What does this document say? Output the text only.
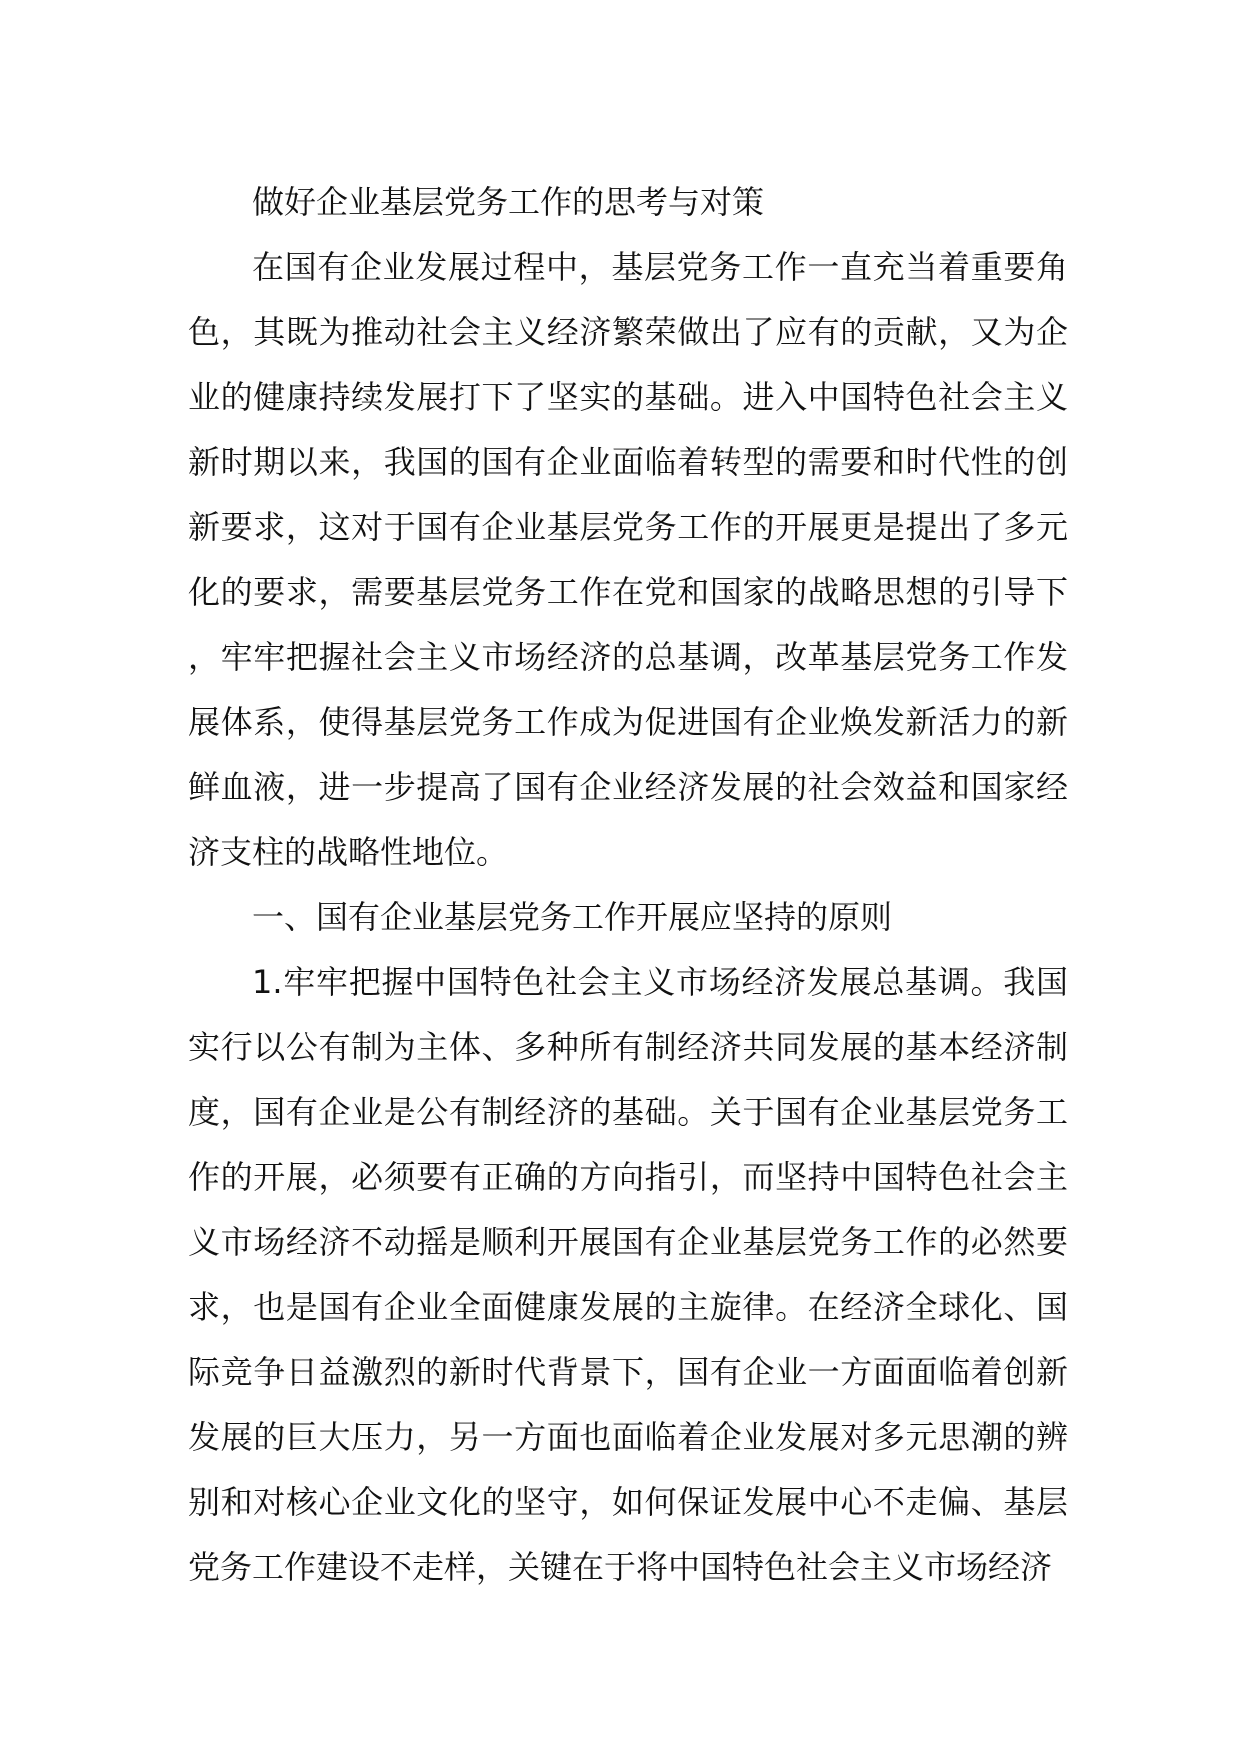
做好企业基层党务工作的思考与对策

在国有企业发展过程中，基层党务工作一直充当着重要角色，其既为推动社会主义经济繁荣做出了应有的贡献，又为企业的健康持续发展打下了坚实的基础。进入中国特色社会主义新时期以来，我国的国有企业面临着转型的需要和时代性的创新要求，这对于国有企业基层党务工作的开展更是提出了多元化的要求，需要基层党务工作在党和国家的战略思想的引导下，牢牢把握社会主义市场经济的总基调，改革基层党务工作发展体系，使得基层党务工作成为促进国有企业焕发新活力的新鲜血液，进一步提高了国有企业经济发展的社会效益和国家经济支柱的战略性地位。

一、国有企业基层党务工作开展应坚持的原则

1.牢牢把握中国特色社会主义市场经济发展总基调。我国实行以公有制为主体、多种所有制经济共同发展的基本经济制度，国有企业是公有制经济的基础。关于国有企业基层党务工作的开展，必须要有正确的方向指引，而坚持中国特色社会主义市场经济不动摇是顺利开展国有企业基层党务工作的必然要求，也是国有企业全面健康发展的主旋律。在经济全球化、国际竞争日益激烈的新时代背景下，国有企业一方面面临着创新发展的巨大压力，另一方面也面临着企业发展对多元思潮的辨别和对核心企业文化的坚守，如何保证发展中心不走偏、基层党务工作建设不走样，关键在于将中国特色社会主义市场经济
